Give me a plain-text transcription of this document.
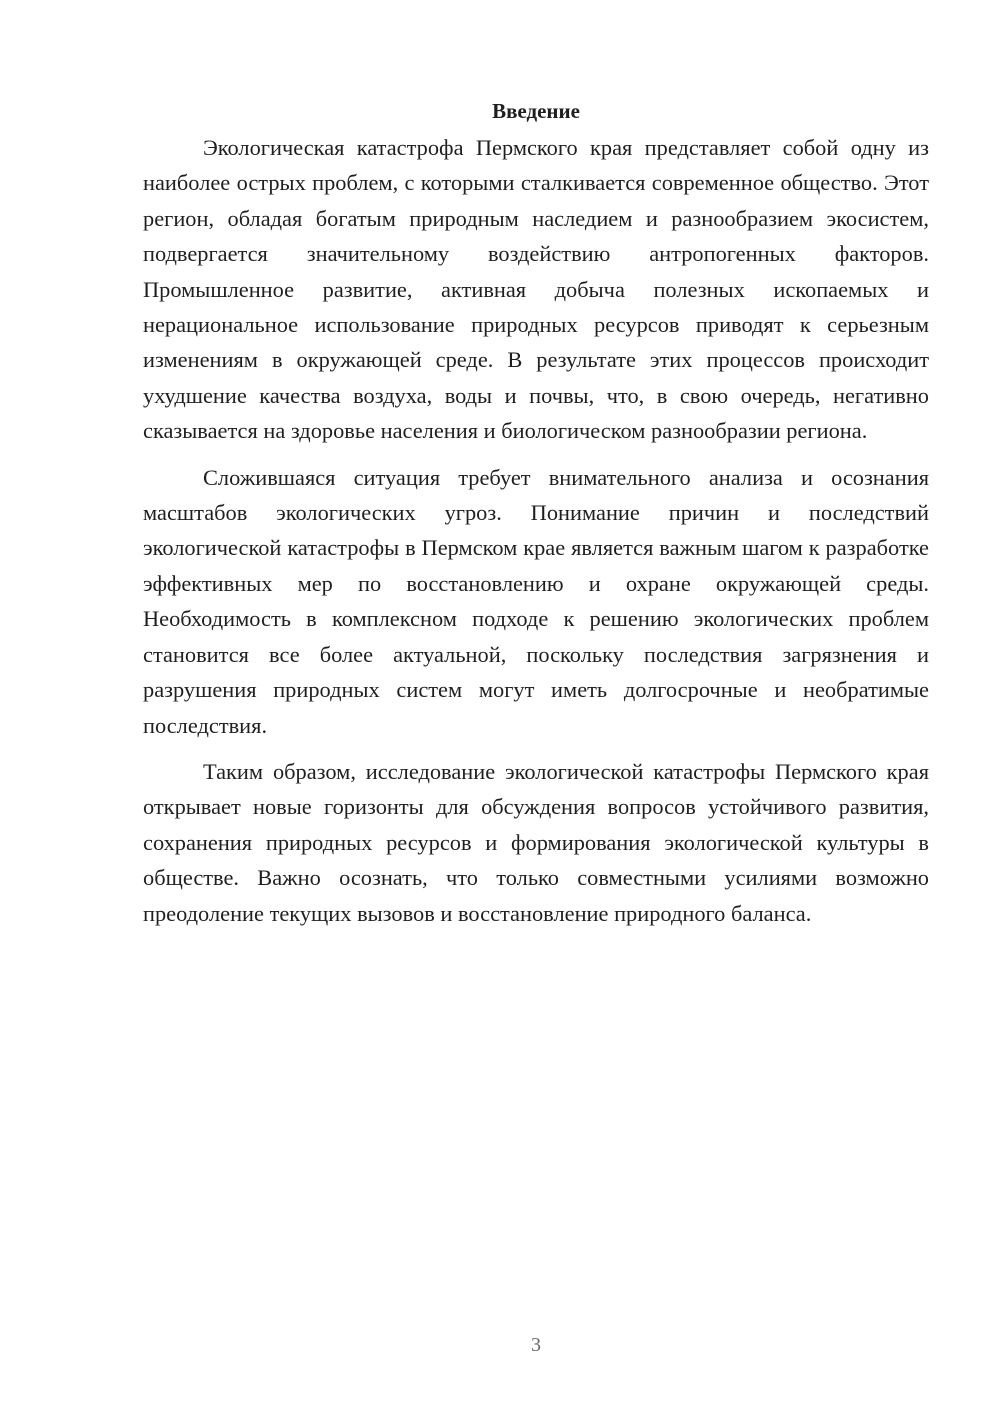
Введение

Экологическая катастрофа Пермского края представляет собой одну из наиболее острых проблем, с которыми сталкивается современное общество. Этот регион, обладая богатым природным наследием и разнообразием экосистем, подвергается значительному воздействию антропогенных факторов. Промышленное развитие, активная добыча полезных ископаемых и нерациональное использование природных ресурсов приводят к серьезным изменениям в окружающей среде. В результате этих процессов происходит ухудшение качества воздуха, воды и почвы, что, в свою очередь, негативно сказывается на здоровье населения и биологическом разнообразии региона.

Сложившаяся ситуация требует внимательного анализа и осознания масштабов экологических угроз. Понимание причин и последствий экологической катастрофы в Пермском крае является важным шагом к разработке эффективных мер по восстановлению и охране окружающей среды. Необходимость в комплексном подходе к решению экологических проблем становится все более актуальной, поскольку последствия загрязнения и разрушения природных систем могут иметь долгосрочные и необратимые последствия.

Таким образом, исследование экологической катастрофы Пермского края открывает новые горизонты для обсуждения вопросов устойчивого развития, сохранения природных ресурсов и формирования экологической культуры в обществе. Важно осознать, что только совместными усилиями возможно преодоление текущих вызовов и восстановление природного баланса.

3
